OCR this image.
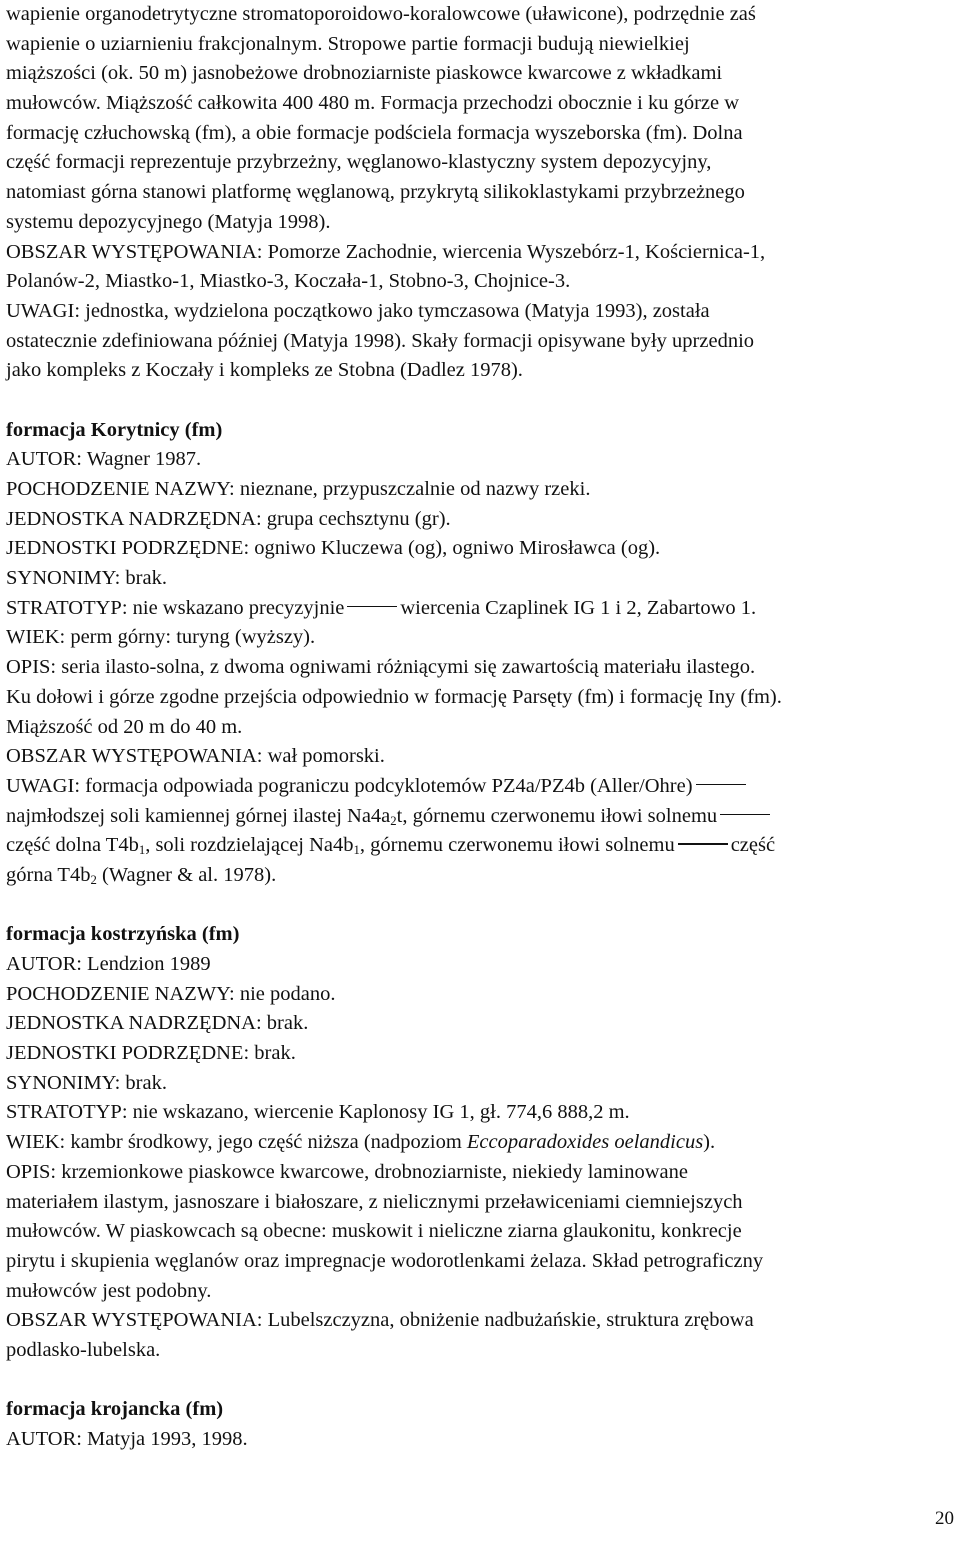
wapienie organodetrytyczne stromatoporoidowo-koralowcowe (uławicone), podrzędnie zaś
wapienie o uziarnieniu frakcjonalnym. Stropowe partie formacji budują niewielkiej
miąższości (ok. 50 m) jasnobeżowe drobnoziarniste piaskowce kwarcowe z wkładkami
mułowców. Miąższość całkowita 400 480 m. Formacja przechodzi obocznie i ku górze w
formację człuchowską (fm), a obie formacje podściela formacja wyszeborska (fm). Dolna
część formacji reprezentuje przybrzeżny, węglanowo-klastyczny system depozycyjny,
natomiast górna stanowi platformę węglanową, przykrytą silikoklastykami przybrzeżnego
systemu depozycyjnego (Matyja 1998).
OBSZAR WYSTĘPOWANIA: Pomorze Zachodnie, wiercenia Wyszebórz-1, Kościernica-1,
Polanów-2, Miastko-1, Miastko-3, Koczała-1, Stobno-3, Chojnice-3.
UWAGI: jednostka, wydzielona początkowo jako tymczasowa (Matyja 1993), została
ostatecznie zdefiniowana później (Matyja 1998). Skały formacji opisywane były uprzednio
jako kompleks z Koczały i kompleks ze Stobna (Dadlez 1978).
formacja Korytnicy (fm)
AUTOR: Wagner 1987.
POCHODZENIE NAZWY: nieznane, przypuszczalnie od nazwy rzeki.
JEDNOSTKA NADRZĘDNA: grupa cechsztynu (gr).
JEDNOSTKI PODRZĘDNE: ogniwo Kluczewa (og), ogniwo Mirosławca (og).
SYNONIMY: brak.
STRATOTYP: nie wskazano precyzyjnie	wiercenia Czaplinek IG 1 i 2, Zabartowo 1.
WIEK: perm górny: turyng (wyższy).
OPIS: seria ilasto-solna, z dwoma ogniwami różniącymi się zawartością materiału ilastego.
Ku dołowi i górze zgodne przejścia odpowiednio w formację Parsęty (fm) i formację Iny (fm).
Miąższość od 20 m do 40 m.
OBSZAR WYSTĘPOWANIA: wał pomorski.
UWAGI: formacja odpowiada pograniczu podcyklotemów PZ4a/PZ4b (Aller/Ohre)
najmłodszej soli kamiennej górnej ilastej $Na4a_2t$, górnemu czerwonemu iłowi solnemu
część dolna $T4b_1$, soli rozdzielającej $Na4b_1$, górnemu czerwonemu iłowi solnemu	część
górna $T4b_2$ (Wagner & al. 1978).
formacja kostrzyńska (fm)
AUTOR: Lendzion 1989
POCHODZENIE NAZWY: nie podano.
JEDNOSTKA NADRZĘDNA: brak.
JEDNOSTKI PODRZĘDNE: brak.
SYNONIMY: brak.
STRATOTYP: nie wskazano, wiercenie Kaplonosy IG 1, gł. 774,6 888,2 m.
WIEK: kambr środkowy, jego część niższa (nadpoziom Eccoparadoxides oelandicus).
OPIS: krzemionkowe piaskowce kwarcowe, drobnoziarniste, niekiedy laminowane
materiałem ilastym, jasnoszare i białoszare, z nielicznymi przeławiceniami ciemniejszych
mułowców. W piaskowcach są obecne: muskowit i nieliczne ziarna glaukonitu, konkrecje
pirytu i skupienia węglanów oraz impregnacje wodorotlenkami żelaza. Skład petrograficzny
mułowców jest podobny.
OBSZAR WYSTĘPOWANIA: Lubelszczyzna, obniżenie nadbużańskie, struktura zrębowa
podlasko-lubelska.
formacja krojancka (fm)
AUTOR: Matyja 1993, 1998.
20
